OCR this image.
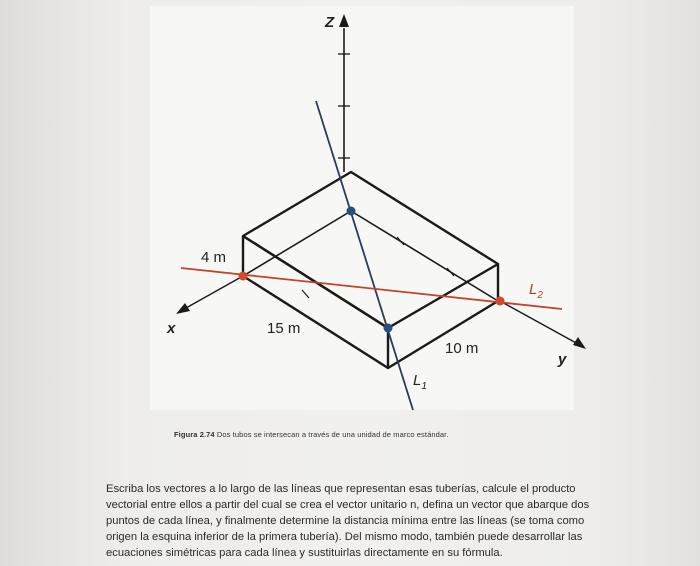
Z
x
y
4 m
15 m
10 m
$L_1$
$L_2$
Figura 2.74 Dos tubos se intersecan a través de una unidad de marco estándar.
Escriba los vectores a lo largo de las líneas que representan esas tuberías, calcule el producto
vectorial entre ellos a partir del cual se crea el vector unitario n, defina un vector que abarque dos
puntos de cada línea, y finalmente determine la distancia mínima entre las líneas (se toma como
origen la esquina inferior de la primera tubería). Del mismo modo, también puede desarrollar las
ecuaciones simétricas para cada línea y sustituirlas directamente en su fórmula.
